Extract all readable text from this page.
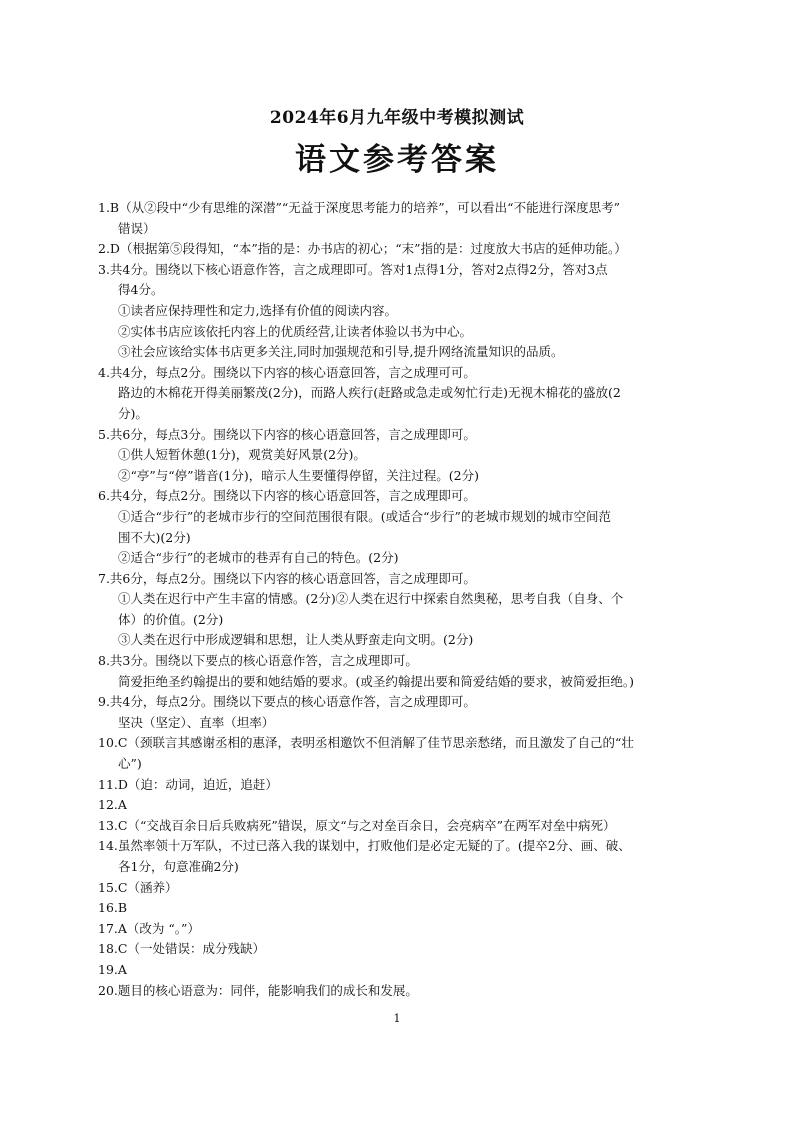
2024年6月九年级中考模拟测试
语文参考答案
1.B（从②段中“少有思维的深潜”“无益于深度思考能力的培养”，可以看出“不能进行深度思考”
错误）
2.D（根据第⑤段得知，“本”指的是：办书店的初心；“末”指的是：过度放大书店的延伸功能。）
3.共4分。围绕以下核心语意作答，言之成理即可。答对1点得1分，答对2点得2分，答对3点
得4分。
①读者应保持理性和定力,选择有价值的阅读内容。
②实体书店应该依托内容上的优质经营,让读者体验以书为中心。
③社会应该给实体书店更多关注,同时加强规范和引导,提升网络流量知识的品质。
4.共4分，每点2分。围绕以下内容的核心语意回答，言之成理可可。
路边的木棉花开得美丽繁茂(2分)，而路人疾行(赶路或急走或匆忙行走)无视木棉花的盛放(2
分)。
5.共6分，每点3分。围绕以下内容的核心语意回答，言之成理即可。
①供人短暂休憩(1分)，观赏美好风景(2分)。
②“亭”与“停”谐音(1分)，暗示人生要懂得停留，关注过程。(2分)
6.共4分，每点2分。围绕以下内容的核心语意回答，言之成理即可。
①适合“步行”的老城市步行的空间范围很有限。(或适合“步行”的老城市规划的城市空间范
围不大)(2分)
②适合“步行”的老城市的巷弄有自己的特色。(2分)
7.共6分，每点2分。围绕以下内容的核心语意回答，言之成理即可。
①人类在迟行中产生丰富的情感。(2分)②人类在迟行中探索自然奥秘，思考自我（自身、个
体）的价值。(2分)
③人类在迟行中形成逻辑和思想，让人类从野蛮走向文明。(2分)
8.共3分。围绕以下要点的核心语意作答，言之成理即可。
简爱拒绝圣约翰提出的要和她结婚的要求。(或圣约翰提出要和简爱结婚的要求，被简爱拒绝。)
9.共4分，每点2分。围绕以下要点的核心语意作答，言之成理即可。
坚决（坚定）、直率（坦率）
10.C（颈联言其感谢丞相的惠泽，表明丞相邀饮不但消解了佳节思亲愁绪，而且激发了自己的“壮
心”)
11.D（迫：动词，迫近，追赶）
12.A
13.C（“交战百余日后兵败病死”错误，原文“与之对垒百余日，会亮病卒”在两军对垒中病死）
14.虽然率领十万军队，不过已落入我的谋划中，打败他们是必定无疑的了。(提卒2分、画、破、
各1分，句意准确2分)
15.C（涵养）
16.B
17.A（改为 “。”）
18.C（一处错误：成分残缺）
19.A
20.题目的核心语意为：同伴，能影响我们的成长和发展。
1
